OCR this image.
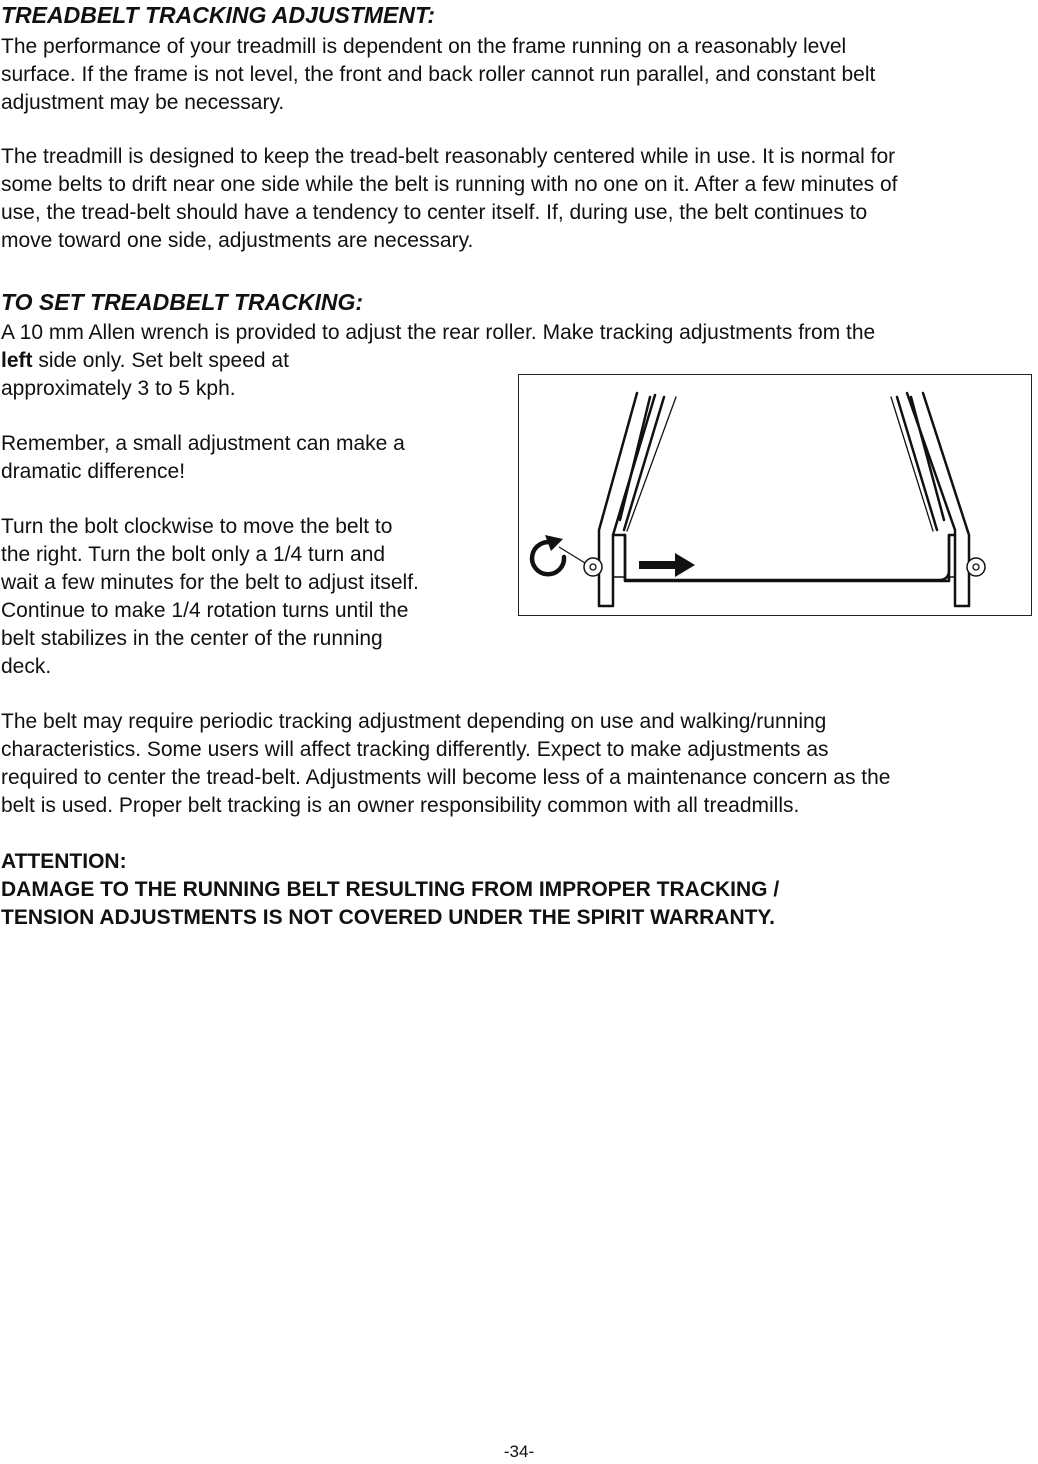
TREADBELT TRACKING ADJUSTMENT:
The performance of your treadmill is dependent on the frame running on a reasonably level
surface. If the frame is not level, the front and back roller cannot run parallel, and constant belt
adjustment may be necessary.
The treadmill is designed to keep the tread-belt reasonably centered while in use. It is normal for
some belts to drift near one side while the belt is running with no one on it. After a few minutes of
use, the tread-belt should have a tendency to center itself. If, during use, the belt continues to
move toward one side, adjustments are necessary.
TO SET TREADBELT TRACKING:
A 10 mm Allen wrench is provided to adjust the rear roller. Make tracking adjustments from the
left side only. Set belt speed at
approximately 3 to 5 kph.
Remember, a small adjustment can make a
dramatic difference!
Turn the bolt clockwise to move the belt to
the right. Turn the bolt only a 1/4 turn and
wait a few minutes for the belt to adjust itself.
Continue to make 1/4 rotation turns until the
belt stabilizes in the center of the running
deck.
The belt may require periodic tracking adjustment depending on use and walking/running
characteristics. Some users will affect tracking differently. Expect to make adjustments as
required to center the tread-belt. Adjustments will become less of a maintenance concern as the
belt is used. Proper belt tracking is an owner responsibility common with all treadmills.
ATTENTION:
DAMAGE TO THE RUNNING BELT RESULTING FROM IMPROPER TRACKING /
TENSION ADJUSTMENTS IS NOT COVERED UNDER THE SPIRIT WARRANTY.
-34-
